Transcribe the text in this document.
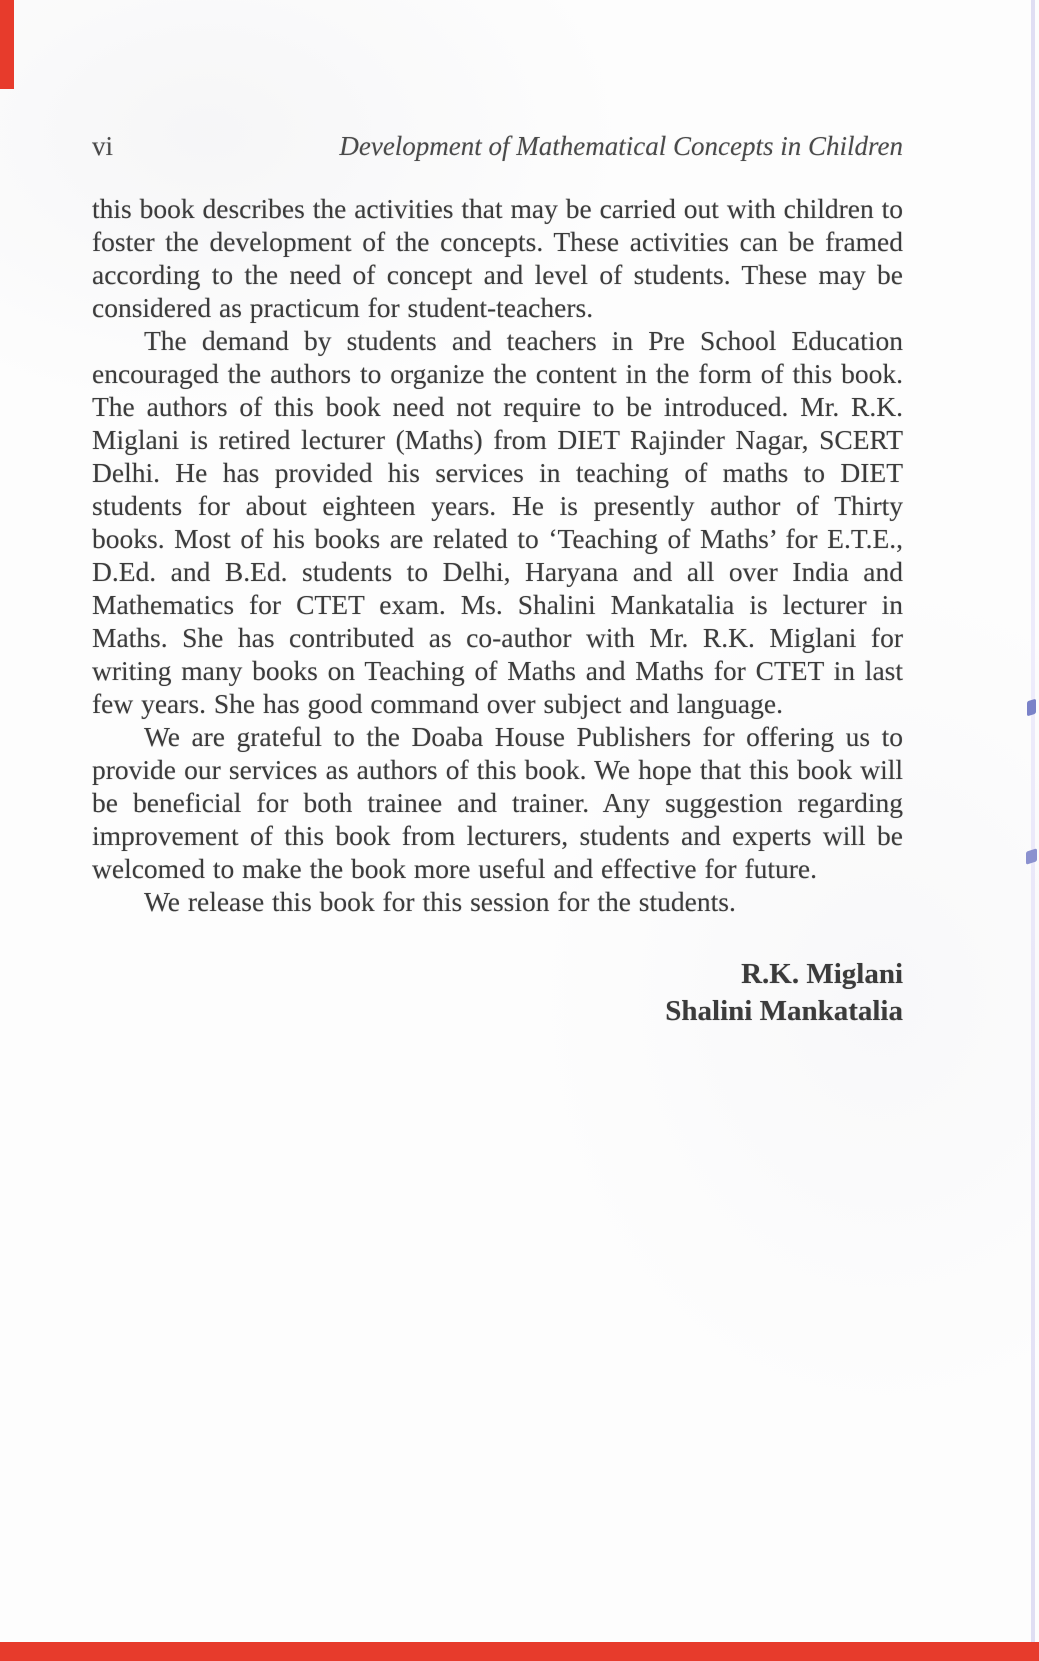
vi	Development of Mathematical Concepts in Children

this book describes the activities that may be carried out with children to foster the development of the concepts. These activities can be framed according to the need of concept and level of students. These may be considered as practicum for student-teachers.

The demand by students and teachers in Pre School Education encouraged the authors to organize the content in the form of this book. The authors of this book need not require to be introduced. Mr. R.K. Miglani is retired lecturer (Maths) from DIET Rajinder Nagar, SCERT Delhi. He has provided his services in teaching of maths to DIET students for about eighteen years. He is presently author of Thirty books. Most of his books are related to ‘Teaching of Maths’ for E.T.E., D.Ed. and B.Ed. students to Delhi, Haryana and all over India and Mathematics for CTET exam. Ms. Shalini Mankatalia is lecturer in Maths. She has contributed as co-author with Mr. R.K. Miglani for writing many books on Teaching of Maths and Maths for CTET in last few years. She has good command over subject and language.

We are grateful to the Doaba House Publishers for offering us to provide our services as authors of this book. We hope that this book will be beneficial for both trainee and trainer. Any suggestion regarding improvement of this book from lecturers, students and experts will be welcomed to make the book more useful and effective for future.

We release this book for this session for the students.

R.K. Miglani
Shalini Mankatalia
